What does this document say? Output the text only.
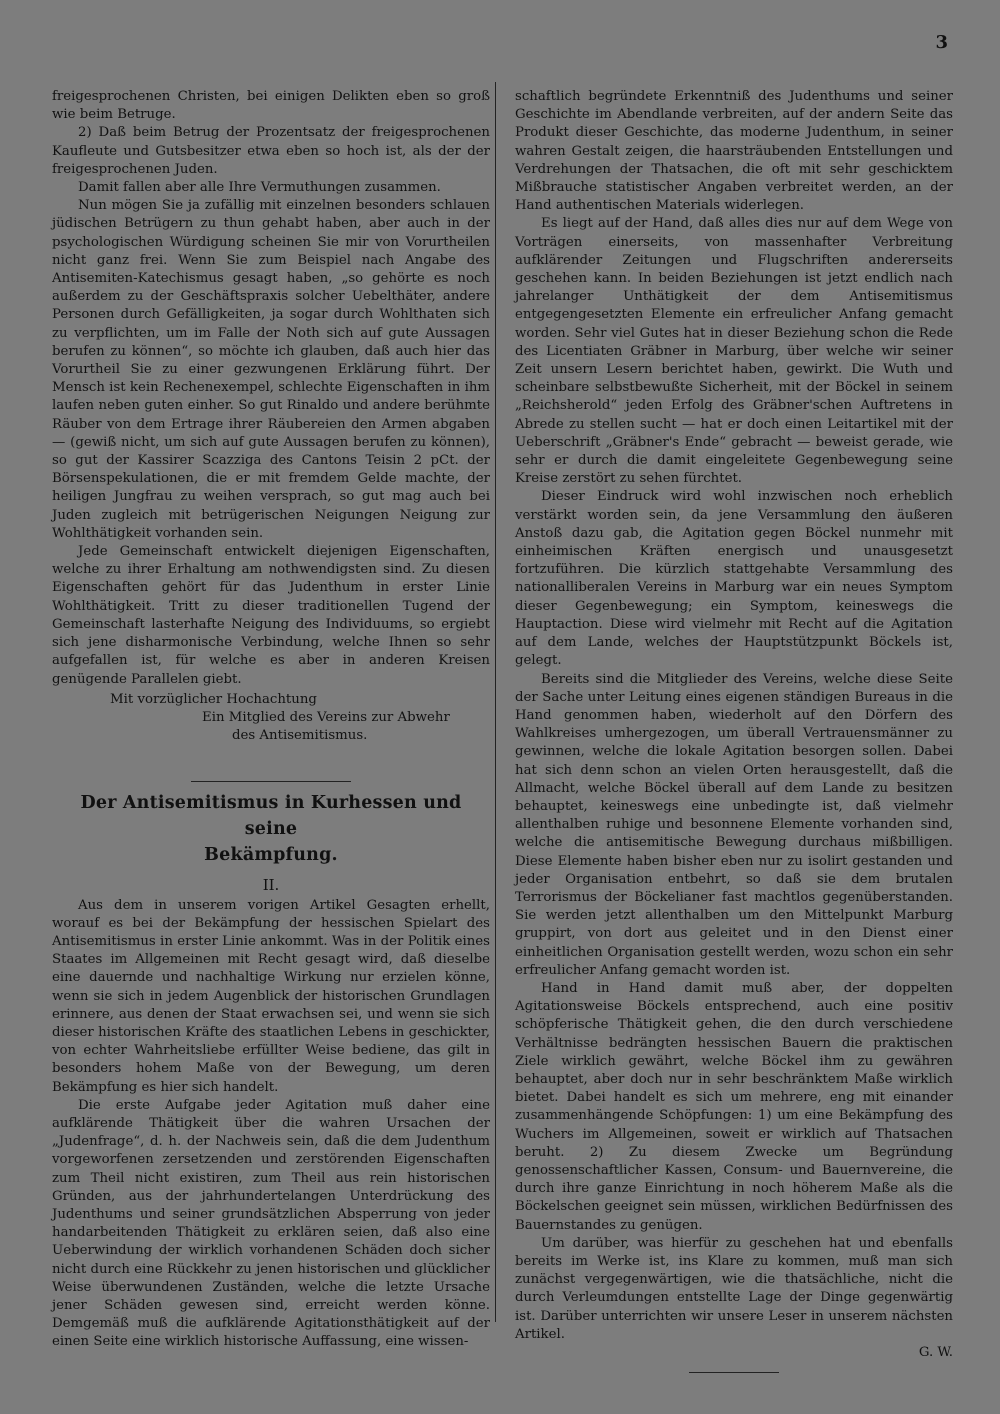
3

freigesprochenen Christen, bei einigen Delikten eben so groß wie beim Betruge.

2) Daß beim Betrug der Prozentsatz der freigesprochenen Kaufleute und Gutsbesitzer etwa eben so hoch ist, als der der freigesprochenen Juden.

Damit fallen aber alle Ihre Vermuthungen zusammen.

Nun mögen Sie ja zufällig mit einzelnen besonders schlauen jüdischen Betrügern zu thun gehabt haben, aber auch in der psychologischen Würdigung scheinen Sie mir von Vorurtheilen nicht ganz frei. Wenn Sie zum Beispiel nach Angabe des Antisemiten-Katechismus gesagt haben, „so gehörte es noch außerdem zu der Geschäftspraxis solcher Uebelthäter, andere Personen durch Gefälligkeiten, ja sogar durch Wohlthaten sich zu verpflichten, um im Falle der Noth sich auf gute Aussagen berufen zu können“, so möchte ich glauben, daß auch hier das Vorurtheil Sie zu einer gezwungenen Erklärung führt. Der Mensch ist kein Rechenexempel, schlechte Eigenschaften in ihm laufen neben guten einher. So gut Rinaldo und andere berühmte Räuber von dem Ertrage ihrer Räubereien den Armen abgaben — (gewiß nicht, um sich auf gute Aussagen berufen zu können), so gut der Kassirer Scazziga des Cantons Teisin 2 pCt. der Börsenspekulationen, die er mit fremdem Gelde machte, der heiligen Jungfrau zu weihen versprach, so gut mag auch bei Juden zugleich mit betrügerischen Neigungen Neigung zur Wohlthätigkeit vorhanden sein.

Jede Gemeinschaft entwickelt diejenigen Eigenschaften, welche zu ihrer Erhaltung am nothwendigsten sind. Zu diesen Eigenschaften gehört für das Judenthum in erster Linie Wohlthätigkeit. Tritt zu dieser traditionellen Tugend der Gemeinschaft lasterhafte Neigung des Individuums, so ergiebt sich jene disharmonische Verbindung, welche Ihnen so sehr aufgefallen ist, für welche es aber in anderen Kreisen genügende Parallelen giebt.

Mit vorzüglicher Hochachtung

Ein Mitglied des Vereins zur Abwehr

des Antisemitismus.

Der Antisemitismus in Kurhessen und seine
Bekämpfung.
II.

Aus dem in unserem vorigen Artikel Gesagten erhellt, worauf es bei der Bekämpfung der hessischen Spielart des Antisemitismus in erster Linie ankommt. Was in der Politik eines Staates im Allgemeinen mit Recht gesagt wird, daß dieselbe eine dauernde und nachhaltige Wirkung nur erzielen könne, wenn sie sich in jedem Augenblick der historischen Grundlagen erinnere, aus denen der Staat erwachsen sei, und wenn sie sich dieser historischen Kräfte des staatlichen Lebens in geschickter, von echter Wahrheitsliebe erfüllter Weise bediene, das gilt in besonders hohem Maße von der Bewegung, um deren Bekämpfung es hier sich handelt.

Die erste Aufgabe jeder Agitation muß daher eine aufklärende Thätigkeit über die wahren Ursachen der „Judenfrage“, d. h. der Nachweis sein, daß die dem Judenthum vorgeworfenen zersetzenden und zerstörenden Eigenschaften zum Theil nicht existiren, zum Theil aus rein historischen Gründen, aus der jahrhundertelangen Unterdrückung des Judenthums und seiner grundsätzlichen Absperrung von jeder handarbeitenden Thätigkeit zu erklären seien, daß also eine Ueberwindung der wirklich vorhandenen Schäden doch sicher nicht durch eine Rückkehr zu jenen historischen und glücklicher Weise überwundenen Zuständen, welche die letzte Ursache jener Schäden gewesen sind, erreicht werden könne. Demgemäß muß die aufklärende Agitationsthätigkeit auf der einen Seite eine wirklich historische Auffassung, eine wissen-

schaftlich begründete Erkenntniß des Judenthums und seiner Geschichte im Abendlande verbreiten, auf der andern Seite das Produkt dieser Geschichte, das moderne Judenthum, in seiner wahren Gestalt zeigen, die haarsträubenden Entstellungen und Verdrehungen der Thatsachen, die oft mit sehr geschicktem Mißbrauche statistischer Angaben verbreitet werden, an der Hand authentischen Materials widerlegen.

Es liegt auf der Hand, daß alles dies nur auf dem Wege von Vorträgen einerseits, von massenhafter Verbreitung aufklärender Zeitungen und Flugschriften andererseits geschehen kann. In beiden Beziehungen ist jetzt endlich nach jahrelanger Unthätigkeit der dem Antisemitismus entgegengesetzten Elemente ein erfreulicher Anfang gemacht worden. Sehr viel Gutes hat in dieser Beziehung schon die Rede des Licentiaten Gräbner in Marburg, über welche wir seiner Zeit unsern Lesern berichtet haben, gewirkt. Die Wuth und scheinbare selbstbewußte Sicherheit, mit der Böckel in seinem „Reichsherold“ jeden Erfolg des Gräbner'schen Auftretens in Abrede zu stellen sucht — hat er doch einen Leitartikel mit der Ueberschrift „Gräbner's Ende“ gebracht — beweist gerade, wie sehr er durch die damit eingeleitete Gegenbewegung seine Kreise zerstört zu sehen fürchtet.

Dieser Eindruck wird wohl inzwischen noch erheblich verstärkt worden sein, da jene Versammlung den äußeren Anstoß dazu gab, die Agitation gegen Böckel nunmehr mit einheimischen Kräften energisch und unausgesetzt fortzuführen. Die kürzlich stattgehabte Versammlung des nationalliberalen Vereins in Marburg war ein neues Symptom dieser Gegenbewegung; ein Symptom, keineswegs die Hauptaction. Diese wird vielmehr mit Recht auf die Agitation auf dem Lande, welches der Hauptstützpunkt Böckels ist, gelegt.

Bereits sind die Mitglieder des Vereins, welche diese Seite der Sache unter Leitung eines eigenen ständigen Bureaus in die Hand genommen haben, wiederholt auf den Dörfern des Wahlkreises umhergezogen, um überall Vertrauensmänner zu gewinnen, welche die lokale Agitation besorgen sollen. Dabei hat sich denn schon an vielen Orten herausgestellt, daß die Allmacht, welche Böckel überall auf dem Lande zu besitzen behauptet, keineswegs eine unbedingte ist, daß vielmehr allenthalben ruhige und besonnene Elemente vorhanden sind, welche die antisemitische Bewegung durchaus mißbilligen. Diese Elemente haben bisher eben nur zu isolirt gestanden und jeder Organisation entbehrt, so daß sie dem brutalen Terrorismus der Böckelianer fast machtlos gegenüberstanden. Sie werden jetzt allenthalben um den Mittelpunkt Marburg gruppirt, von dort aus geleitet und in den Dienst einer einheitlichen Organisation gestellt werden, wozu schon ein sehr erfreulicher Anfang gemacht worden ist.

Hand in Hand damit muß aber, der doppelten Agitationsweise Böckels entsprechend, auch eine positiv schöpferische Thätigkeit gehen, die den durch verschiedene Verhältnisse bedrängten hessischen Bauern die praktischen Ziele wirklich gewährt, welche Böckel ihm zu gewähren behauptet, aber doch nur in sehr beschränktem Maße wirklich bietet. Dabei handelt es sich um mehrere, eng mit einander zusammenhängende Schöpfungen: 1) um eine Bekämpfung des Wuchers im Allgemeinen, soweit er wirklich auf Thatsachen beruht. 2) Zu diesem Zwecke um Begründung genossenschaftlicher Kassen, Consum- und Bauernvereine, die durch ihre ganze Einrichtung in noch höherem Maße als die Böckelschen geeignet sein müssen, wirklichen Bedürfnissen des Bauernstandes zu genügen.

Um darüber, was hierfür zu geschehen hat und ebenfalls bereits im Werke ist, ins Klare zu kommen, muß man sich zunächst vergegenwärtigen, wie die thatsächliche, nicht die durch Verleumdungen entstellte Lage der Dinge gegenwärtig ist. Darüber unterrichten wir unsere Leser in unserem nächsten Artikel.

G. W.
